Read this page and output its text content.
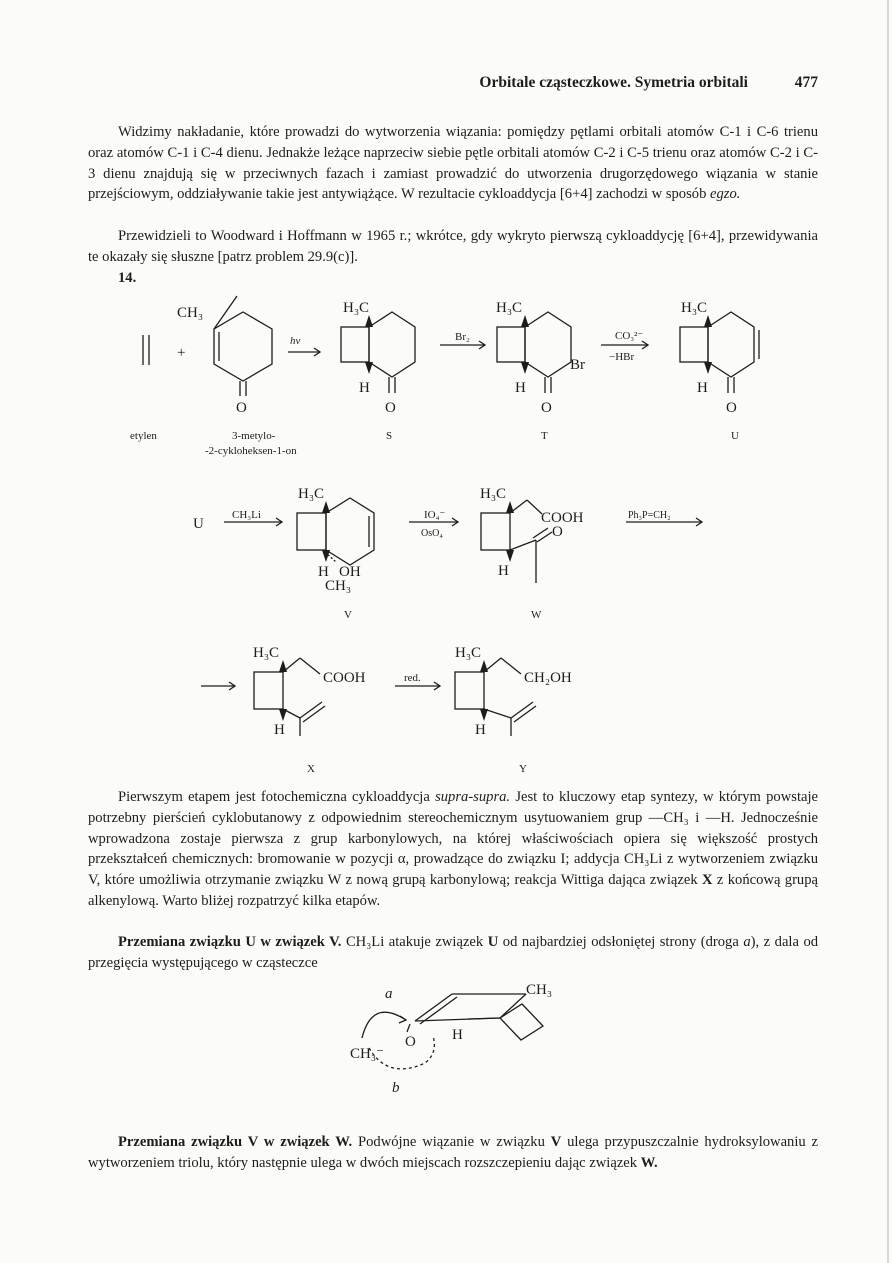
Orbitale cząsteczkowe. Symetria orbitali	477

Widzimy nakładanie, które prowadzi do wytworzenia wiązania: pomiędzy pętlami orbitali atomów C-1 i C-6 trienu oraz atomów C-1 i C-4 dienu. Jednakże leżące naprzeciw siebie pętle orbitali atomów C-2 i C-5 trienu oraz atomów C-2 i C-3 dienu znajdują się w przeciwnych fazach i zamiast prowadzić do utworzenia drugorzędowego wiązania w stanie przejściowym, oddziaływanie takie jest antywiążące. W rezultacie cykloaddycja [6+4] zachodzi w sposób egzo.

Przewidzieli to Woodward i Hoffmann w 1965 r.; wkrótce, gdy wykryto pierwszą cykloaddycję [6+4], przewidywania te okazały się słuszne [patrz problem 29.9(c)].

14.
CH₃
+
O
hν
H₃C
H
O
Br₂
H₃C
Br
H
O
CO₃²⁻
−HBr
H₃C
H
O
etylen	3-metylo-
-2-cykloheksen-1-on
S	T	U
U
CH₃Li
H₃C
H OH
CH₃
IO₄⁻
OsO₄
H₃C
COOH
O
H
Ph₃P=CH₂
V	W
H₃C
COOH
H
red.
H₃C
CH₂OH
H
X	Y

Pierwszym etapem jest fotochemiczna cykloaddycja supra-supra. Jest to kluczowy etap syntezy, w którym powstaje potrzebny pierścień cyklobutanowy z odpowiednim stereochemicznym usytuowaniem grup —CH₃ i —H. Jednocześnie wprowadzona zostaje pierwsza z grup karbonylowych, na której właściwościach opiera się większość prostych przekształceń chemicznych: bromowanie w pozycji α, prowadzące do związku I; addycja CH₃Li z wytworzeniem związku V, które umożliwia otrzymanie związku W z nową grupą karbonylową; reakcja Wittiga dająca związek X z końcową grupą alkenylową. Warto bliżej rozpatrzyć kilka etapów.

Przemiana związku U w związek V. CH₃Li atakuje związek U od najbardziej odsłoniętej strony (droga a), z dala od przegięcia występującego w cząsteczce

a	CH₃
CH₃⁻
O H
b

Przemiana związku V w związek W. Podwójne wiązanie w związku V ulega przypuszczalnie hydroksylowaniu z wytworzeniem triolu, który następnie ulega w dwóch miejscach rozszczepieniu dając związek W.
